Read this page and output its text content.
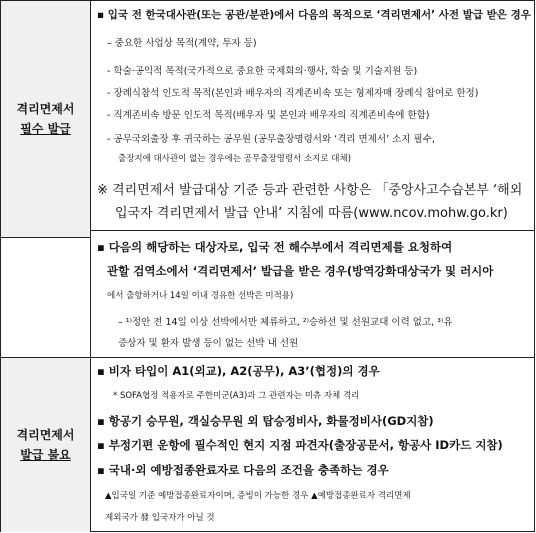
격리면제서
필수 발급
격리면제서
발급 불요
▪ 입국 전 한국대사관(또는 공관/분관)에서 다음의 목적으로 ‘격리면제서’ 사전 발급 받은 경우
– 중요한 사업상 목적(계약, 투자 등)
- 학술·공익적 목적(국가적으로 중요한 국제회의·행사, 학술 및 기술지원 등)
- 장례식참석 인도적 목적(본인과 배우자의 직계존비속 또는 형제자매 장례식 참여로 한정)
- 직계존비속 방문 인도적 목적(배우자 및 본인과 배우자의 직계존비속에 한함)
- 공무국외출장 후 귀국하는 공무원 (공무출장명령서와 ‘격리 면제서’ 소지 필수,
출장지에 대사관이 없는 경우에는 공무출장명령서 소지로 대체)
※ 격리면제서 발급대상 기준 등과 관련한 사항은 「중앙사고수습본부 ‘해외
입국자 격리면제서 발급 안내’ 지침에 따름(www.ncov.mohw.go.kr)
▪ 다음의 해당하는 대상자로, 입국 전 해수부에서 격리면제를 요청하여
관할 검역소에서 ‘격리면제서’ 발급을 받은 경우(방역강화대상국가 및 러시아
에서 출항하거나 14일 이내 경유한 선박은 미적용)
– ¹⁾정안 전 14일 이상 선박에서만 체류하고, ²⁾승하선 및 선원교대 이력 없고, ³⁾유
증상자 및 환자 발생 등이 없는 선박 내 선원
▪ 비자 타입이 A1(외교), A2(공무), A3’(협정)의 경우
* SOFA협정 적용자로 주한미군(A3)과 그 관련자는 미츄 자체 격리
▪ 항공기 승무원, 객실승무원 외 탑승정비사, 화물정비사(GD지참)
▪ 부정기편 운항에 필수적인 현지 지점 파견자(출장공문서, 항공사 ID카드 지참)
▪ 국내·외 예방접종완료자로 다음의 조건을 충족하는 경우
▲입국일 기준 예방접종완료자이며, 증빙이 가능한 경우 ▲예방접종완료자 격리면제
제외국가 發 입국자가 아닐 것
